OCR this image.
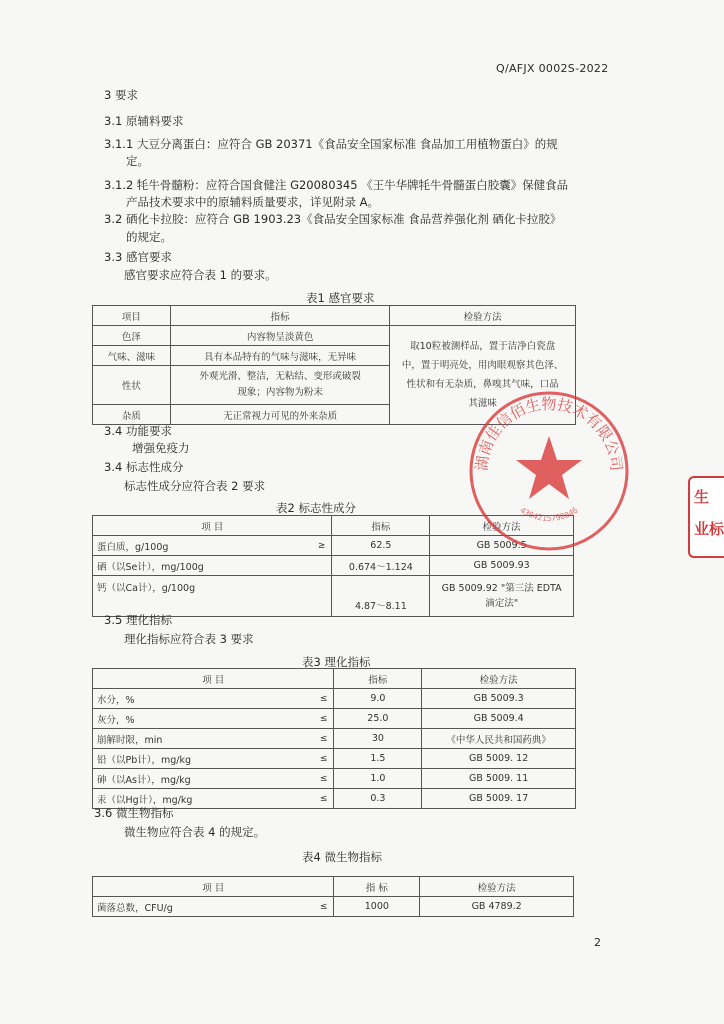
Q/AFJX 0002S-2022
3 要求
3.1 原辅料要求
3.1.1 大豆分离蛋白：应符合 GB 20371《食品安全国家标准 食品加工用植物蛋白》的规
定。
3.1.2 牦牛骨髓粉：应符合国食健注 G20080345 《王牛华牌牦牛骨髓蛋白胶囊》保健食品
产品技术要求中的原辅料质量要求，详见附录 A。
3.2 硒化卡拉胶：应符合 GB 1903.23《食品安全国家标准 食品营养强化剂 硒化卡拉胶》
的规定。
3.3 感官要求
感官要求应符合表 1 的要求。
表1 感官要求
项目	指标	检验方法
色泽	内容物呈淡黄色	取10粒被测样品，置于洁净白瓷盘
中，置于明亮处，用肉眼观察其色泽、
性状和有无杂质，鼻嗅其气味，口品
其滋味

气味、滋味	具有本品特有的气味与滋味，无异味	
性状	外观光滑、整洁，无粘结、变形或破裂
现象；内容物为粉末	

杂质	无正常视力可见的外来杂质	
3.4 功能要求
增强免疫力
3.4 标志性成分
标志性成分应符合表 2 要求
表2 标志性成分
项 目	指标	检验方法
蛋白质，g/100g ≥	62.5	GB 5009.5
硒（以Se计），mg/100g	0.674～1.124	GB 5009.93
钙（以Ca计），g/100g	4.87～8.11	GB 5009.92 "第三法 EDTA
滴定法"
3.5 理化指标
理化指标应符合表 3 要求
表3 理化指标
项 目	指标	检验方法
水分，% ≤	9.0	GB 5009.3
灰分，% ≤	25.0	GB 5009.4
崩解时限，min ≤	30	《中华人民共和国药典》
铅（以Pb计），mg/kg ≤	1.5	GB 5009. 12
砷（以As计），mg/kg ≤	1.0	GB 5009. 11
汞（以Hg计），mg/kg ≤	0.3	GB 5009. 17
3.6 微生物指标
微生物应符合表 4 的规定。
表4 微生物指标
项 目	指 标	检验方法
菌落总数，CFU/g ≤	1000	GB 4789.2
湖南佳信佰生物技术有限公司
4304215790046
生
业标
2
